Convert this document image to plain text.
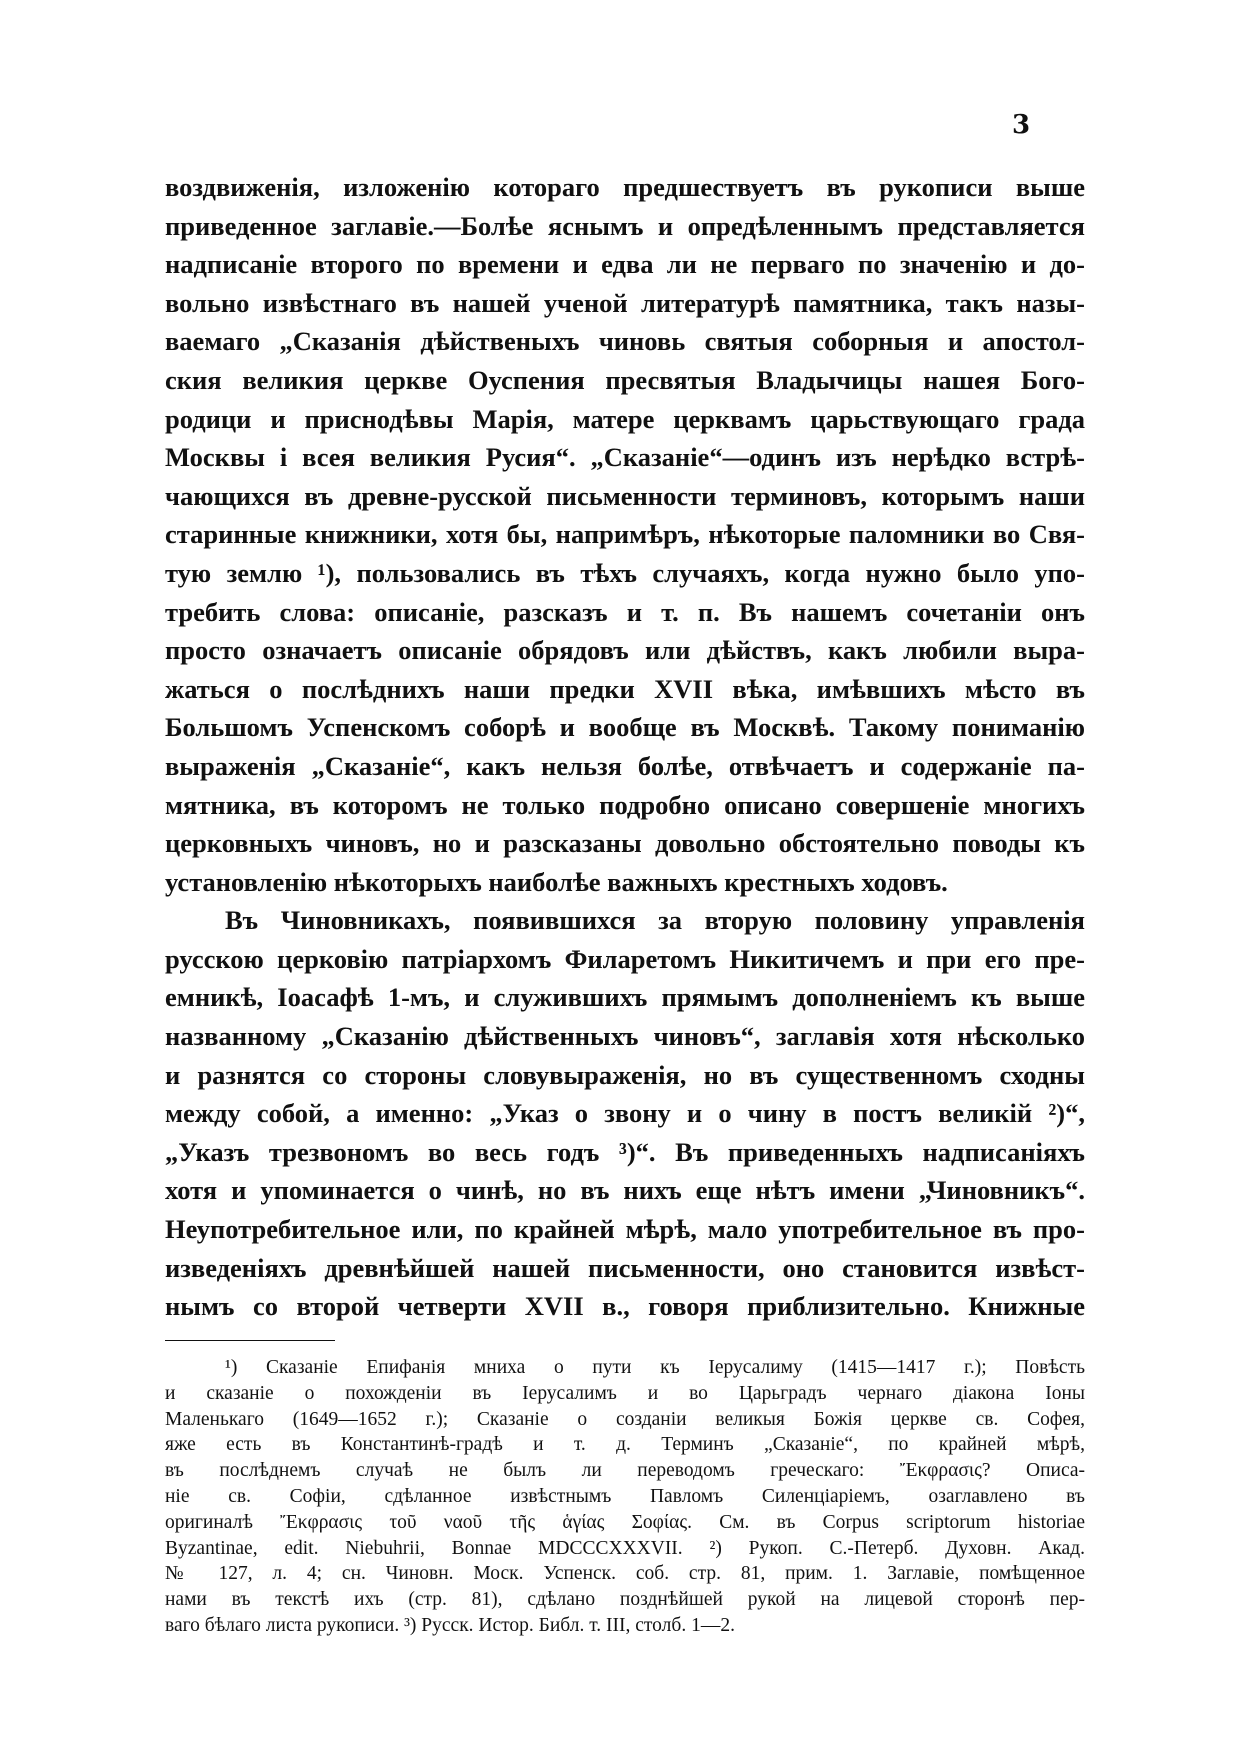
3
воздвиженія, изложенію котораго предшествуетъ въ рукописи выше
приведенное заглавіе.—Болѣе яснымъ и опредѣленнымъ представляется
надписаніе второго по времени и едва ли не перваго по значенію и до-
вольно извѣстнаго въ нашей ученой литературѣ памятника, такъ назы-
ваемаго „Сказанія дѣйственыхъ чиновь святыя соборныя и апостол-
ския великия церкве Оуспения пресвятыя Владычицы нашея Бого-
родици и приснодѣвы Марія, матере церквамъ царьствующаго града
Москвы і всея великия Русия“. „Сказаніе“—одинъ изъ нерѣдко встрѣ-
чающихся въ древне-русской письменности терминовъ, которымъ наши
старинные книжники, хотя бы, напримѣръ, нѣкоторые паломники во Свя-
тую землю ¹), пользовались въ тѣхъ случаяхъ, когда нужно было упо-
требить слова: описаніе, разсказъ и т. п. Въ нашемъ сочетаніи онъ
просто означаетъ описаніе обрядовъ или дѣйствъ, какъ любили выра-
жаться о послѣднихъ наши предки XVII вѣка, имѣвшихъ мѣсто въ
Большомъ Успенскомъ соборѣ и вообще въ Москвѣ. Такому пониманію
выраженія „Сказаніе“, какъ нельзя болѣе, отвѣчаетъ и содержаніе па-
мятника, въ которомъ не только подробно описано совершеніе многихъ
церковныхъ чиновъ, но и разсказаны довольно обстоятельно поводы къ
установленію нѣкоторыхъ наиболѣе важныхъ крестныхъ ходовъ.
Въ Чиновникахъ, появившихся за вторую половину управленія
русскою церковію патріархомъ Филаретомъ Никитичемъ и при его пре-
емникѣ, Іоасафѣ 1-мъ, и служившихъ прямымъ дополненіемъ къ выше
названному „Сказанію дѣйственныхъ чиновъ“, заглавія хотя нѣсколько
и разнятся со стороны словувыраженія, но въ существенномъ сходны
между собой, а именно: „Указ о звону и о чину в постъ великій ²)“,
„Указъ трезвономъ во весь годъ ³)“. Въ приведенныхъ надписаніяхъ
хотя и упоминается о чинѣ, но въ нихъ еще нѣтъ имени „Чиновникъ“.
Неупотребительное или, по крайней мѣрѣ, мало употребительное въ про-
изведеніяхъ древнѣйшей нашей письменности, оно становится извѣст-
нымъ со второй четверти XVII в., говоря приблизительно. Книжные
¹) Сказаніе Епифанія мниха о пути къ Іерусалиму (1415—1417 г.); Повѣсть
и сказаніе о похожденіи въ Іерусалимъ и во Царьградъ чернаго діакона Іоны
Маленькаго (1649—1652 г.); Сказаніе о созданіи великыя Божія церкве св. Софея,
яже есть въ Константинѣ-градѣ и т. д. Терминъ „Сказаніе“, по крайней мѣрѣ,
въ послѣднемъ случаѣ не былъ ли переводомъ греческаго: Ἔκφρασις? Описа-
ніе св. Софіи, сдѣланное извѣстнымъ Павломъ Силенціаріемъ, озаглавлено въ
оригиналѣ Ἔκφρασις τοῦ ναοῦ τῆς ἁγίας Σοφίας. См. въ Corpus scriptorum historiae
Byzantinae, edit. Niebuhrii, Bonnae MDCCCXXXVII. ²) Рукоп. С.-Петерб. Духовн. Акад.
№ 127, л. 4; сн. Чиновн. Моск. Успенск. соб. стр. 81, прим. 1. Заглавіе, помѣщенное
нами въ текстѣ ихъ (стр. 81), сдѣлано позднѣйшей рукой на лицевой сторонѣ пер-
ваго бѣлаго листа рукописи. ³) Русск. Истор. Библ. т. III, столб. 1—2.
